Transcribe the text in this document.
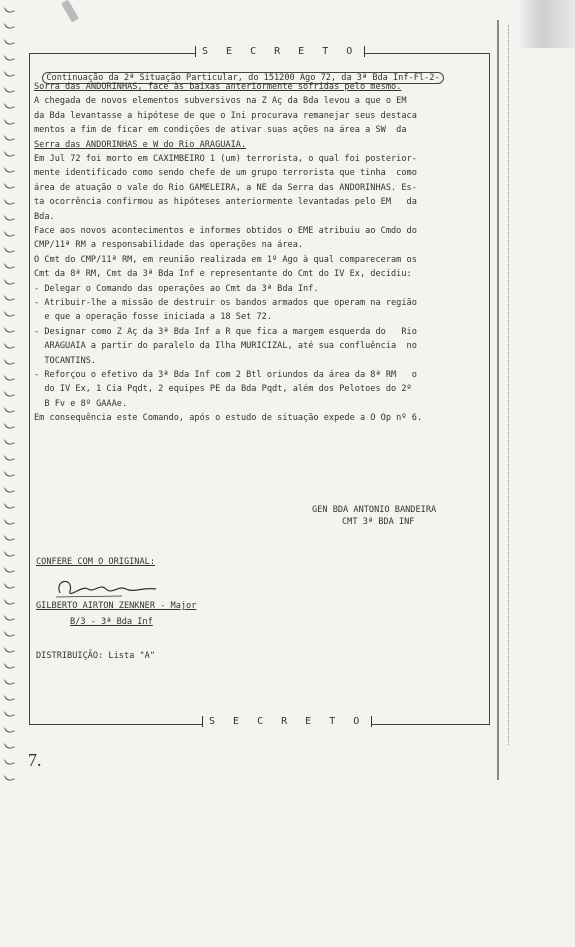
S E C R E T O

Continuação da 2ª Situação Particular, do 151200 Ago 72, da 3ª Bda Inf-Fl-2-

Sorra das ANDORINHAS, face às baixas anteriormente sofridas pelo mesmo.
A chegada de novos elementos subversivos na Z Aç da Bda levou a que o EM
da Bda levantasse a hipótese de que o Ini procurava remanejar seus destaca
mentos a fim de ficar em condições de ativar suas ações na área a SW  da
Serra das ANDORINHAS e W do Rio ARAGUAIA.
Em Jul 72 foi morto em CAXIMBEIRO 1 (um) terrorista, o qual foi posterior-
mente identificado como sendo chefe de um grupo terrorista que tinha  como
área de atuação o vale do Rio GAMELEIRA, a NE da Serra das ANDORINHAS. Es-
ta ocorrência confirmou as hipóteses anteriormente levantadas pelo EM   da
Bda.
Face aos novos acontecimentos e informes obtidos o EME atribuiu ao Cmdo do
CMP/11ª RM a responsabilidade das operações na área.
O Cmt do CMP/11ª RM, em reunião realizada em 1º Ago à qual compareceram os
Cmt da 8ª RM, Cmt da 3ª Bda Inf e representante do Cmt do IV Ex, decidiu:
- Delegar o Comando das operações ao Cmt da 3ª Bda Inf.
- Atribuir-lhe a missão de destruir os bandos armados que operam na região
e que a operação fosse iniciada a 18 Set 72.
- Designar como Z Aç da 3ª Bda Inf a R que fica a margem esquerda do   Rio
ARAGUAIA a partir do paralelo da Ilha MURICIZAL, até sua confluência  no
TOCANTINS.
- Reforçou o efetivo da 3ª Bda Inf com 2 Btl oriundos da área da 8ª RM   o
do IV Ex, 1 Cia Pqdt, 2 equipes PE da Bda Pqdt, além dos Pelotoes do 2º
B Fv e 8º GAAAe.
Em consequência este Comando, após o estudo de situação expede a O Op nº 6.
GEN BDA ANTONIO BANDEIRA
CMT 3ª BDA INF
CONFERE COM O ORIGINAL:
GILBERTO AIRTON ZENKNER - Major
B/3 - 3ª Bda Inf
DISTRIBUIÇÃO: Lista "A"
S E C R E T O
7.
